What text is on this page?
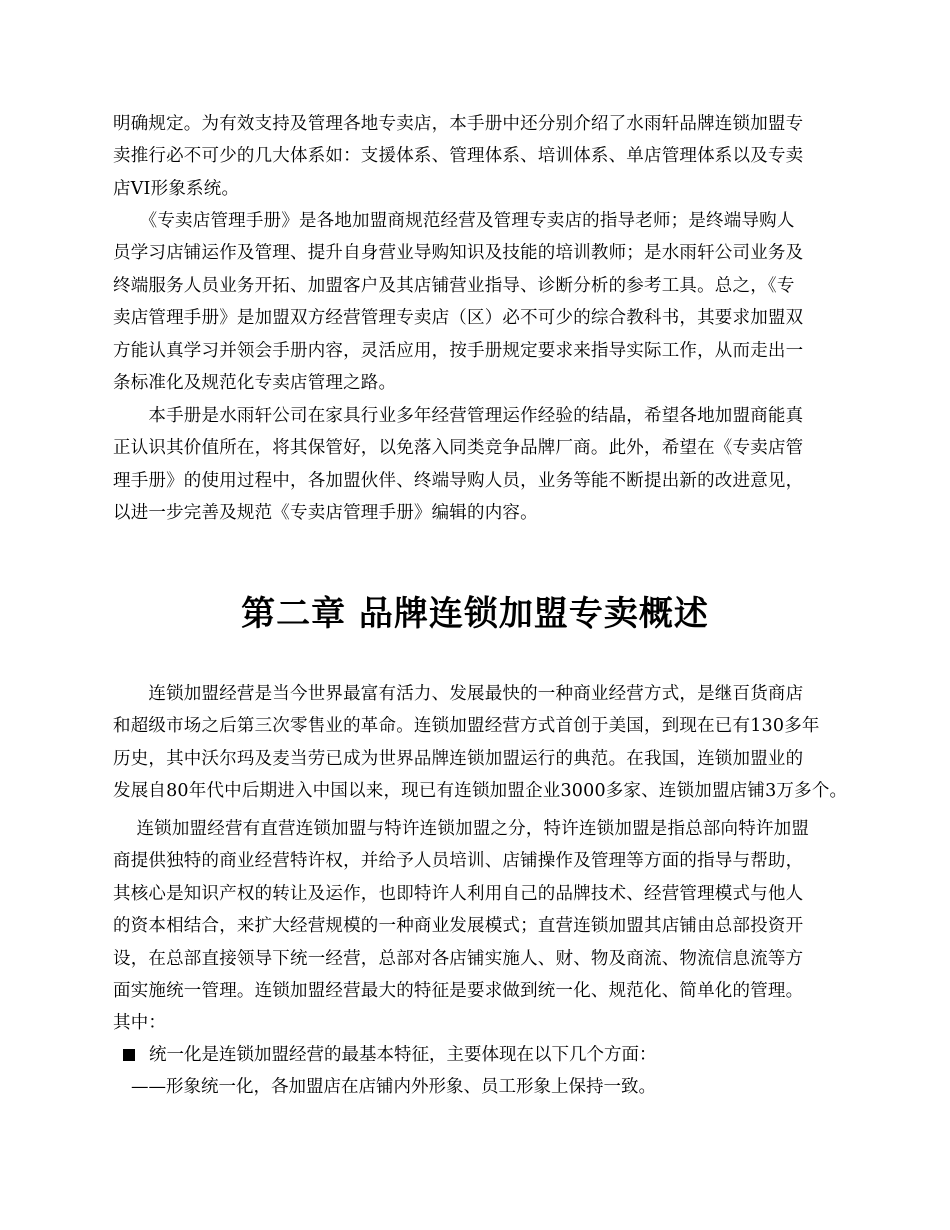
明确规定。为有效支持及管理各地专卖店，本手册中还分别介绍了水雨轩品牌连锁加盟专
卖推行必不可少的几大体系如：支援体系、管理体系、培训体系、单店管理体系以及专卖
店VI形象系统。

　　《专卖店管理手册》是各地加盟商规范经营及管理专卖店的指导老师；是终端导购人
员学习店铺运作及管理、提升自身营业导购知识及技能的培训教师；是水雨轩公司业务及
终端服务人员业务开拓、加盟客户及其店铺营业指导、诊断分析的参考工具。总之，《专
卖店管理手册》是加盟双方经营管理专卖店（区）必不可少的综合教科书，其要求加盟双
方能认真学习并领会手册内容，灵活应用，按手册规定要求来指导实际工作，从而走出一
条标准化及规范化专卖店管理之路。

　　本手册是水雨轩公司在家具行业多年经营管理运作经验的结晶，希望各地加盟商能真
正认识其价值所在，将其保管好，以免落入同类竞争品牌厂商。此外，希望在《专卖店管
理手册》的使用过程中，各加盟伙伴、终端导购人员，业务等能不断提出新的改进意见，
以进一步完善及规范《专卖店管理手册》编辑的内容。

第二章 品牌连锁加盟专卖概述

　　连锁加盟经营是当今世界最富有活力、发展最快的一种商业经营方式，是继百货商店
和超级市场之后第三次零售业的革命。连锁加盟经营方式首创于美国，到现在已有130多年
历史，其中沃尔玛及麦当劳已成为世界品牌连锁加盟运行的典范。在我国，连锁加盟业的
发展自80年代中后期进入中国以来，现已有连锁加盟企业3000多家、连锁加盟店铺3万多个。

　 连锁加盟经营有直营连锁加盟与特许连锁加盟之分，特许连锁加盟是指总部向特许加盟
商提供独特的商业经营特许权，并给予人员培训、店铺操作及管理等方面的指导与帮助，
其核心是知识产权的转让及运作，也即特许人利用自己的品牌技术、经营管理模式与他人
的资本相结合，来扩大经营规模的一种商业发展模式；直营连锁加盟其店铺由总部投资开
设，在总部直接领导下统一经营，总部对各店铺实施人、财、物及商流、物流信息流等方
面实施统一管理。连锁加盟经营最大的特征是要求做到统一化、规范化、简单化的管理。
其中：

统一化是连锁加盟经营的最基本特征，主要体现在以下几个方面：
——形象统一化，各加盟店在店铺内外形象、员工形象上保持一致。
